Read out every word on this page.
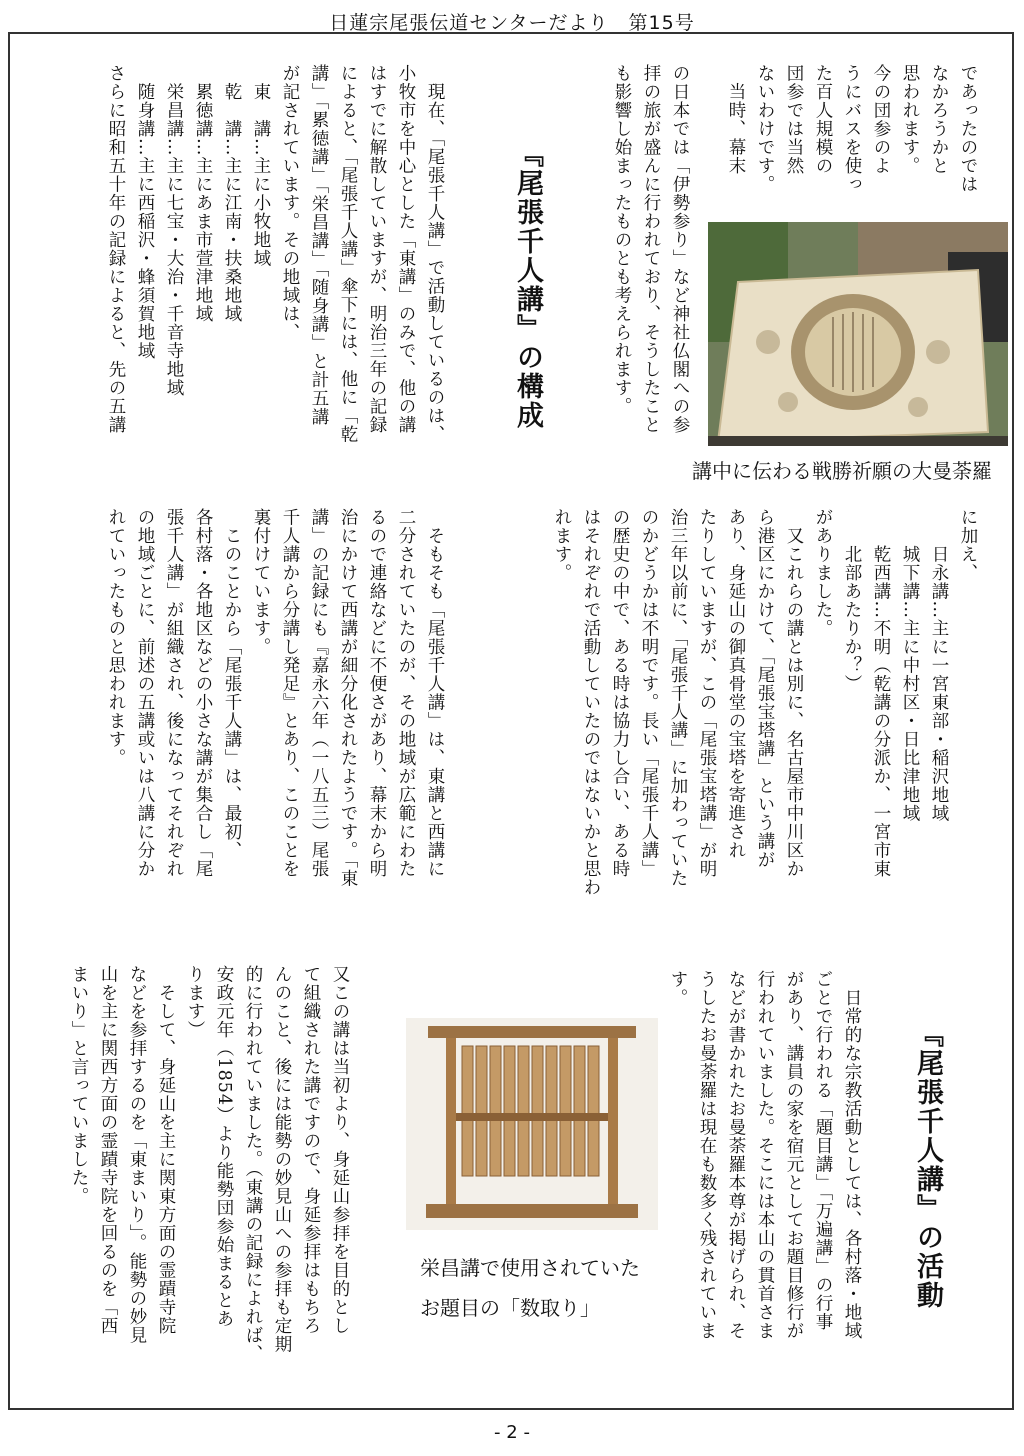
日蓮宗尾張伝道センターだより　第15号
であったのでは
なかろうかと
思われます。
今の団参のよ
うにバスを使っ
た百人規模の
団参では当然
ないわけです。
　当時、幕末
の日本では「伊勢参り」など神社仏閣への参
拝の旅が盛んに行われており、そうしたこと
も影響し始まったものとも考えられます。
講中に伝わる戦勝祈願の大曼荼羅
『尾張千人講』の構成
　現在、「尾張千人講」で活動しているのは、
小牧市を中心とした「東講」のみで、他の講
はすでに解散していますが、明治三年の記録
によると、「尾張千人講」傘下には、他に「乾
講」「累徳講」「栄昌講」「随身講」と計五講
が記されています。その地域は、
　東　講…主に小牧地域
　乾　講…主に江南・扶桑地域
　累徳講…主にあま市萱津地域
　栄昌講…主に七宝・大治・千音寺地域
　随身講…主に西稲沢・蜂須賀地域
さらに昭和五十年の記録によると、先の五講
に加え、
　　日永講…主に一宮東部・稲沢地域
　　城下講…主に中村区・日比津地域
　　乾西講…不明（乾講の分派か、一宮市東
　　北部あたりか？）
がありました。
　又これらの講とは別に、名古屋市中川区か
ら港区にかけて、「尾張宝塔講」という講が
あり、身延山の御真骨堂の宝塔を寄進され
たりしていますが、この「尾張宝塔講」が明
治三年以前に、「尾張千人講」に加わっていた
のかどうかは不明です。長い「尾張千人講」
の歴史の中で、ある時は協力し合い、ある時
はそれぞれで活動していたのではないかと思わ
れます。
　そもそも「尾張千人講」は、東講と西講に
二分されていたのが、その地域が広範にわた
るので連絡などに不便さがあり、幕末から明
治にかけて西講が細分化されたようです。「東
講」の記録にも『嘉永六年（一八五三）尾張
千人講から分講し発足』とあり、このことを
裏付けています。
　このことから「尾張千人講」は、最初、
各村落・各地区などの小さな講が集合し「尾
張千人講」が組織され、後になってそれぞれ
の地域ごとに、前述の五講或いは八講に分か
れていったものと思われます。
『尾張千人講』の活動
　日常的な宗教活動としては、各村落・地域
ごとで行われる「題目講」「万遍講」の行事
があり、講員の家を宿元としてお題目修行が
行われていました。そこには本山の貫首さま
などが書かれたお曼荼羅本尊が掲げられ、そ
うしたお曼荼羅は現在も数多く残されていま
す。
栄昌講で使用されていた
お題目の「数取り」
又この講は当初より、身延山参拝を目的とし
て組織された講ですので、身延参拝はもちろ
んのこと、後には能勢の妙見山への参拝も定期
的に行われていました。（東講の記録によれば、
安政元年（1854）より能勢団参始まるとあ
ります）
　そして、身延山を主に関東方面の霊蹟寺院
などを参拝するのを「東まいり」。能勢の妙見
山を主に関西方面の霊蹟寺院を回るのを「西
まいり」と言っていました。
- 2 -
